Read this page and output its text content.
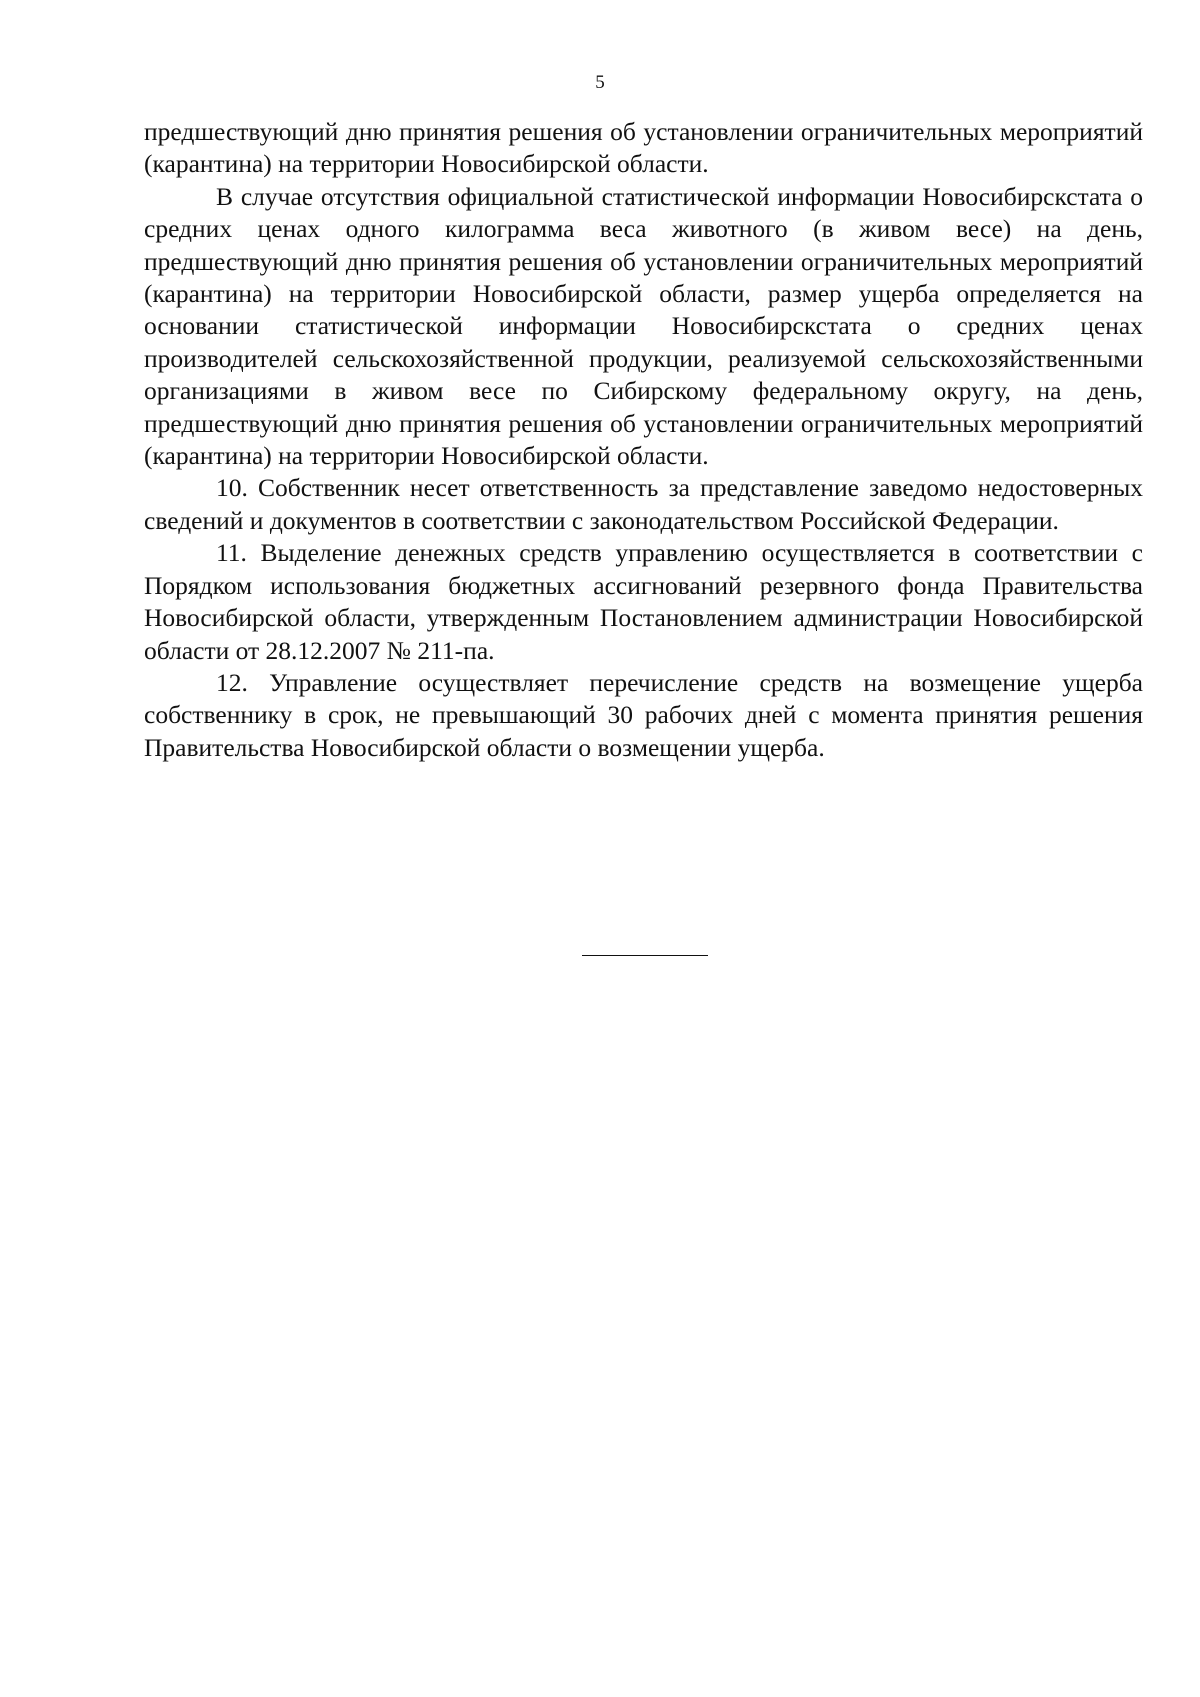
5

предшествующий дню принятия решения об установлении ограничительных мероприятий (карантина) на территории Новосибирской области.

В случае отсутствия официальной статистической информации Новосибирскстата о средних ценах одного килограмма веса животного (в живом весе) на день, предшествующий дню принятия решения об установлении ограничительных мероприятий (карантина) на территории Новосибирской области, размер ущерба определяется на основании статистической информации Новосибирскстата о средних ценах производителей сельскохозяйственной продукции, реализуемой сельскохозяйственными организациями в живом весе по Сибирскому федеральному округу, на день, предшествующий дню принятия решения об установлении ограничительных мероприятий (карантина) на территории Новосибирской области.

10. Собственник несет ответственность за представление заведомо недостоверных сведений и документов в соответствии с законодательством Российской Федерации.

11. Выделение денежных средств управлению осуществляется в соответствии с Порядком использования бюджетных ассигнований резервного фонда Правительства Новосибирской области, утвержденным Постановлением администрации Новосибирской области от 28.12.2007 № 211-па.

12. Управление осуществляет перечисление средств на возмещение ущерба собственнику в срок, не превышающий 30 рабочих дней с момента принятия решения Правительства Новосибирской области о возмещении ущерба.
